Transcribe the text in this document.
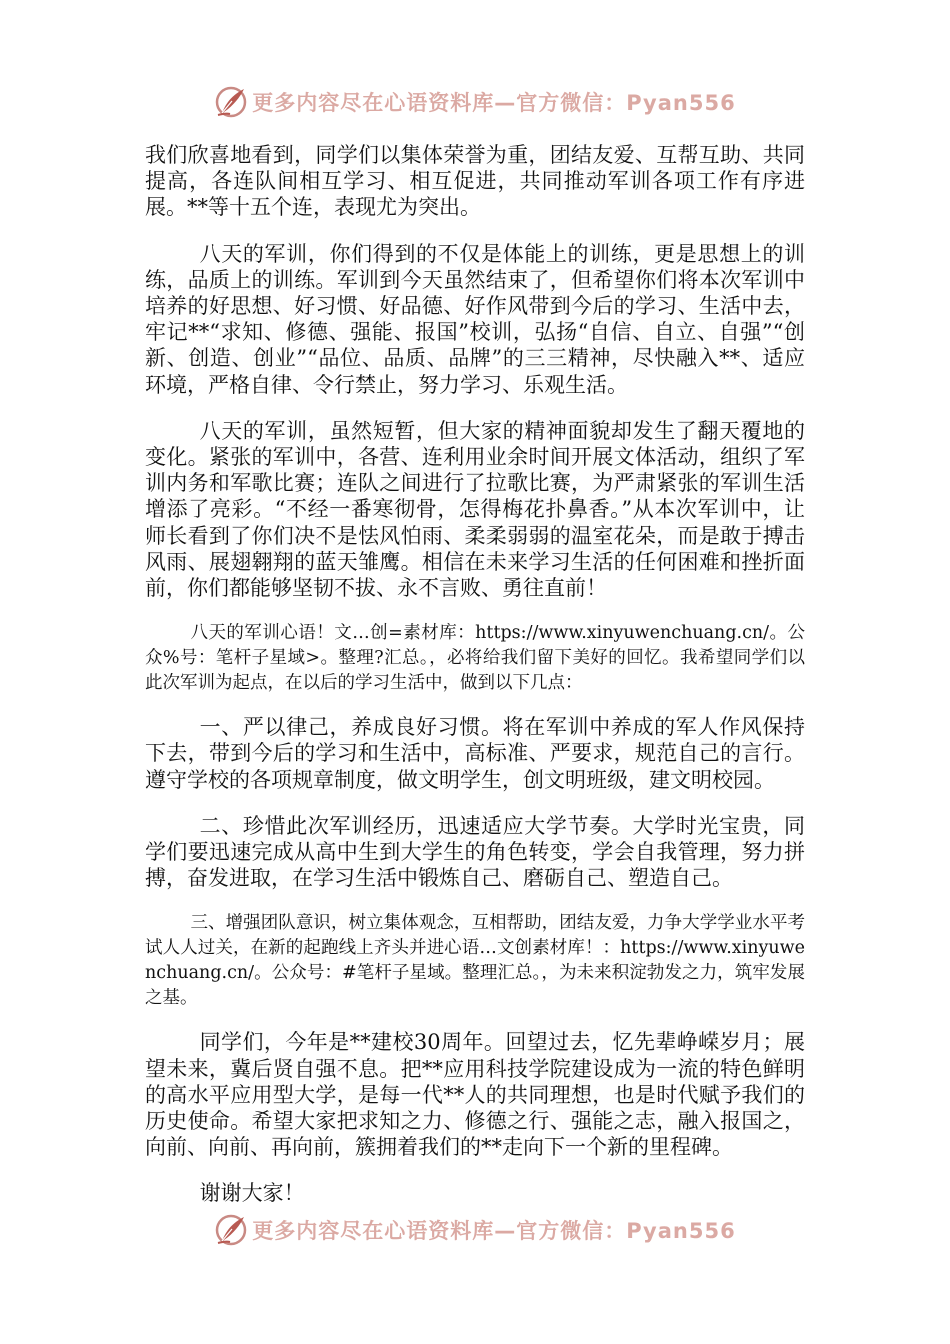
更多内容尽在心语资料库—官方微信：Pyan556

我们欣喜地看到，同学们以集体荣誉为重，团结友爱、互帮互助、共同提高，各连队间相互学习、相互促进，共同推动军训各项工作有序进展。**等十五个连，表现尤为突出。

八天的军训，你们得到的不仅是体能上的训练，更是思想上的训练，品质上的训练。军训到今天虽然结束了，但希望你们将本次军训中培养的好思想、好习惯、好品德、好作风带到今后的学习、生活中去，牢记**“求知、修德、强能、报国”校训，弘扬“自信、自立、自强”“创新、创造、创业”“品位、品质、品牌”的三三精神，尽快融入**、适应环境，严格自律、令行禁止，努力学习、乐观生活。

八天的军训，虽然短暂，但大家的精神面貌却发生了翻天覆地的变化。紧张的军训中，各营、连利用业余时间开展文体活动，组织了军训内务和军歌比赛；连队之间进行了拉歌比赛，为严肃紧张的军训生活增添了亮彩。“不经一番寒彻骨，怎得梅花扑鼻香。”从本次军训中，让师长看到了你们决不是怯风怕雨、柔柔弱弱的温室花朵，而是敢于搏击风雨、展翅翱翔的蓝天雏鹰。相信在未来学习生活的任何困难和挫折面前，你们都能够坚韧不拔、永不言败、勇往直前！

八天的军训心语！文…创=素材库：https://www.xinyuwenchuang.cn/。公众%号：笔杆子星域>。整理?汇总。，必将给我们留下美好的回忆。我希望同学们以此次军训为起点，在以后的学习生活中，做到以下几点：

一、严以律己，养成良好习惯。将在军训中养成的军人作风保持下去，带到今后的学习和生活中，高标准、严要求，规范自己的言行。遵守学校的各项规章制度，做文明学生，创文明班级，建文明校园。

二、珍惜此次军训经历，迅速适应大学节奏。大学时光宝贵，同学们要迅速完成从高中生到大学生的角色转变，学会自我管理，努力拼搏，奋发进取，在学习生活中锻炼自己、磨砺自己、塑造自己。

三、增强团队意识，树立集体观念，互相帮助，团结友爱，力争大学学业水平考试人人过关，在新的起跑线上齐头并进心语…文创素材库！：https://www.xinyuwenchuang.cn/。公众号：#笔杆子星域。整理汇总。，为未来积淀勃发之力，筑牢发展之基。

同学们，今年是**建校30周年。回望过去，忆先辈峥嵘岁月；展望未来，冀后贤自强不息。把**应用科技学院建设成为一流的特色鲜明的高水平应用型大学，是每一代**人的共同理想，也是时代赋予我们的历史使命。希望大家把求知之力、修德之行、强能之志，融入报国之，向前、向前、再向前，簇拥着我们的**走向下一个新的里程碑。

谢谢大家！

更多内容尽在心语资料库—官方微信：Pyan556
